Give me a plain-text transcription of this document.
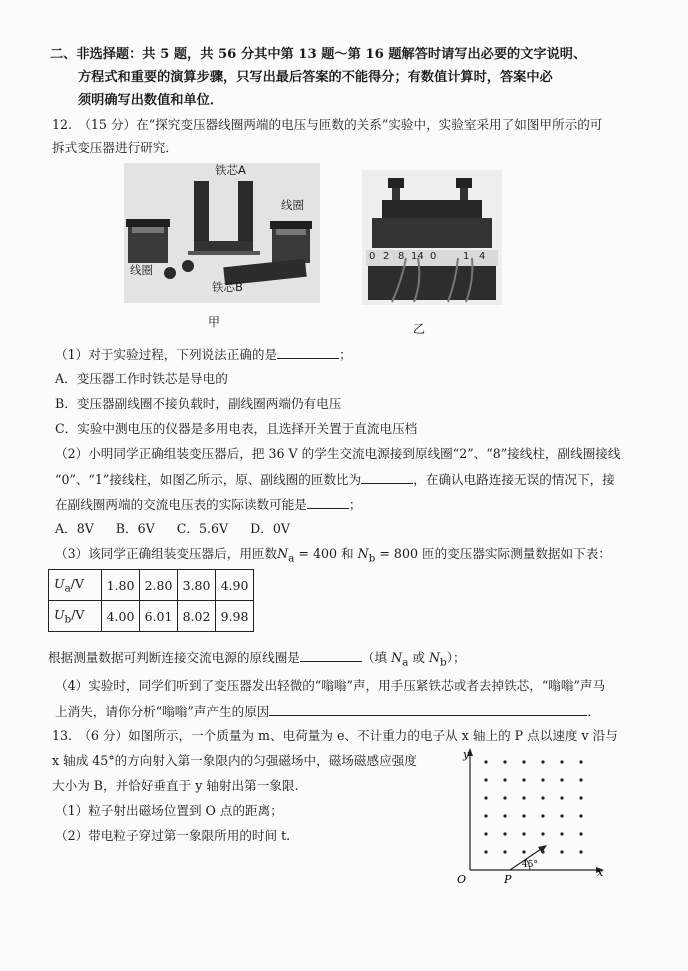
二、非选择题：共 5 题，共 56 分其中第 13 题～第 16 题解答时请写出必要的文字说明、
方程式和重要的演算步骤，只写出最后答案的不能得分；有数值计算时，答案中必
须明确写出数值和单位．
12.　（15 分）在“探究变压器线圈两端的电压与匝数的关系”实验中，实验室采用了如图甲所示的可
拆式变压器进行研究．
铁芯A
线圈
线圈
铁芯B
甲
0 2 8 14 0	1 4
乙
（1）对于实验过程，下列说法正确的是	；
A．变压器工作时铁芯是导电的
B．变压器副线圈不接负载时，副线圈两端仍有电压
C．实验中测电压的仪器是多用电表，且选择开关置于直流电压档
（2）小明同学正确组装变压器后，把 36 V 的学生交流电源接到原线圈“2”、“8”接线柱，副线圈接线
“0”、“1”接线柱，如图乙所示，原、副线圈的匝数比为	，在确认电路连接无误的情况下，接
在副线圈两端的交流电压表的实际读数可能是	；
A．8V B．6V C．5.6V D．0V
（3）该同学正确组装变压器后，用匝数$N_a = 400$ 和 $N_b = 800$ 匝的变压器实际测量数据如下表：
$U_a/V$	1.80	2.80	3.80	4.90
$U_b/V$	4.00	6.01	8.02	9.98
根据测量数据可判断连接交流电源的原线圈是	（填 $N_a$ 或 $N_b$）；
（4）实验时，同学们听到了变压器发出轻微的“嗡嗡”声，用手压紧铁芯或者去掉铁芯，“嗡嗡”声马
上消失，请你分析“嗡嗡”声产生的原因	．
13.　（6 分）如图所示，一个质量为 m、电荷量为 e、不计重力的电子从 x 轴上的 P 点以速度 v 沿与
x 轴成 45°的方向射入第一象限内的匀强磁场中，磁场磁感应强度
大小为 B，并恰好垂直于 y 轴射出第一象限.
（1）粒子射出磁场位置到 O 点的距离；
（2）带电粒子穿过第一象限所用的时间 t.
y
x
O	P
45°
